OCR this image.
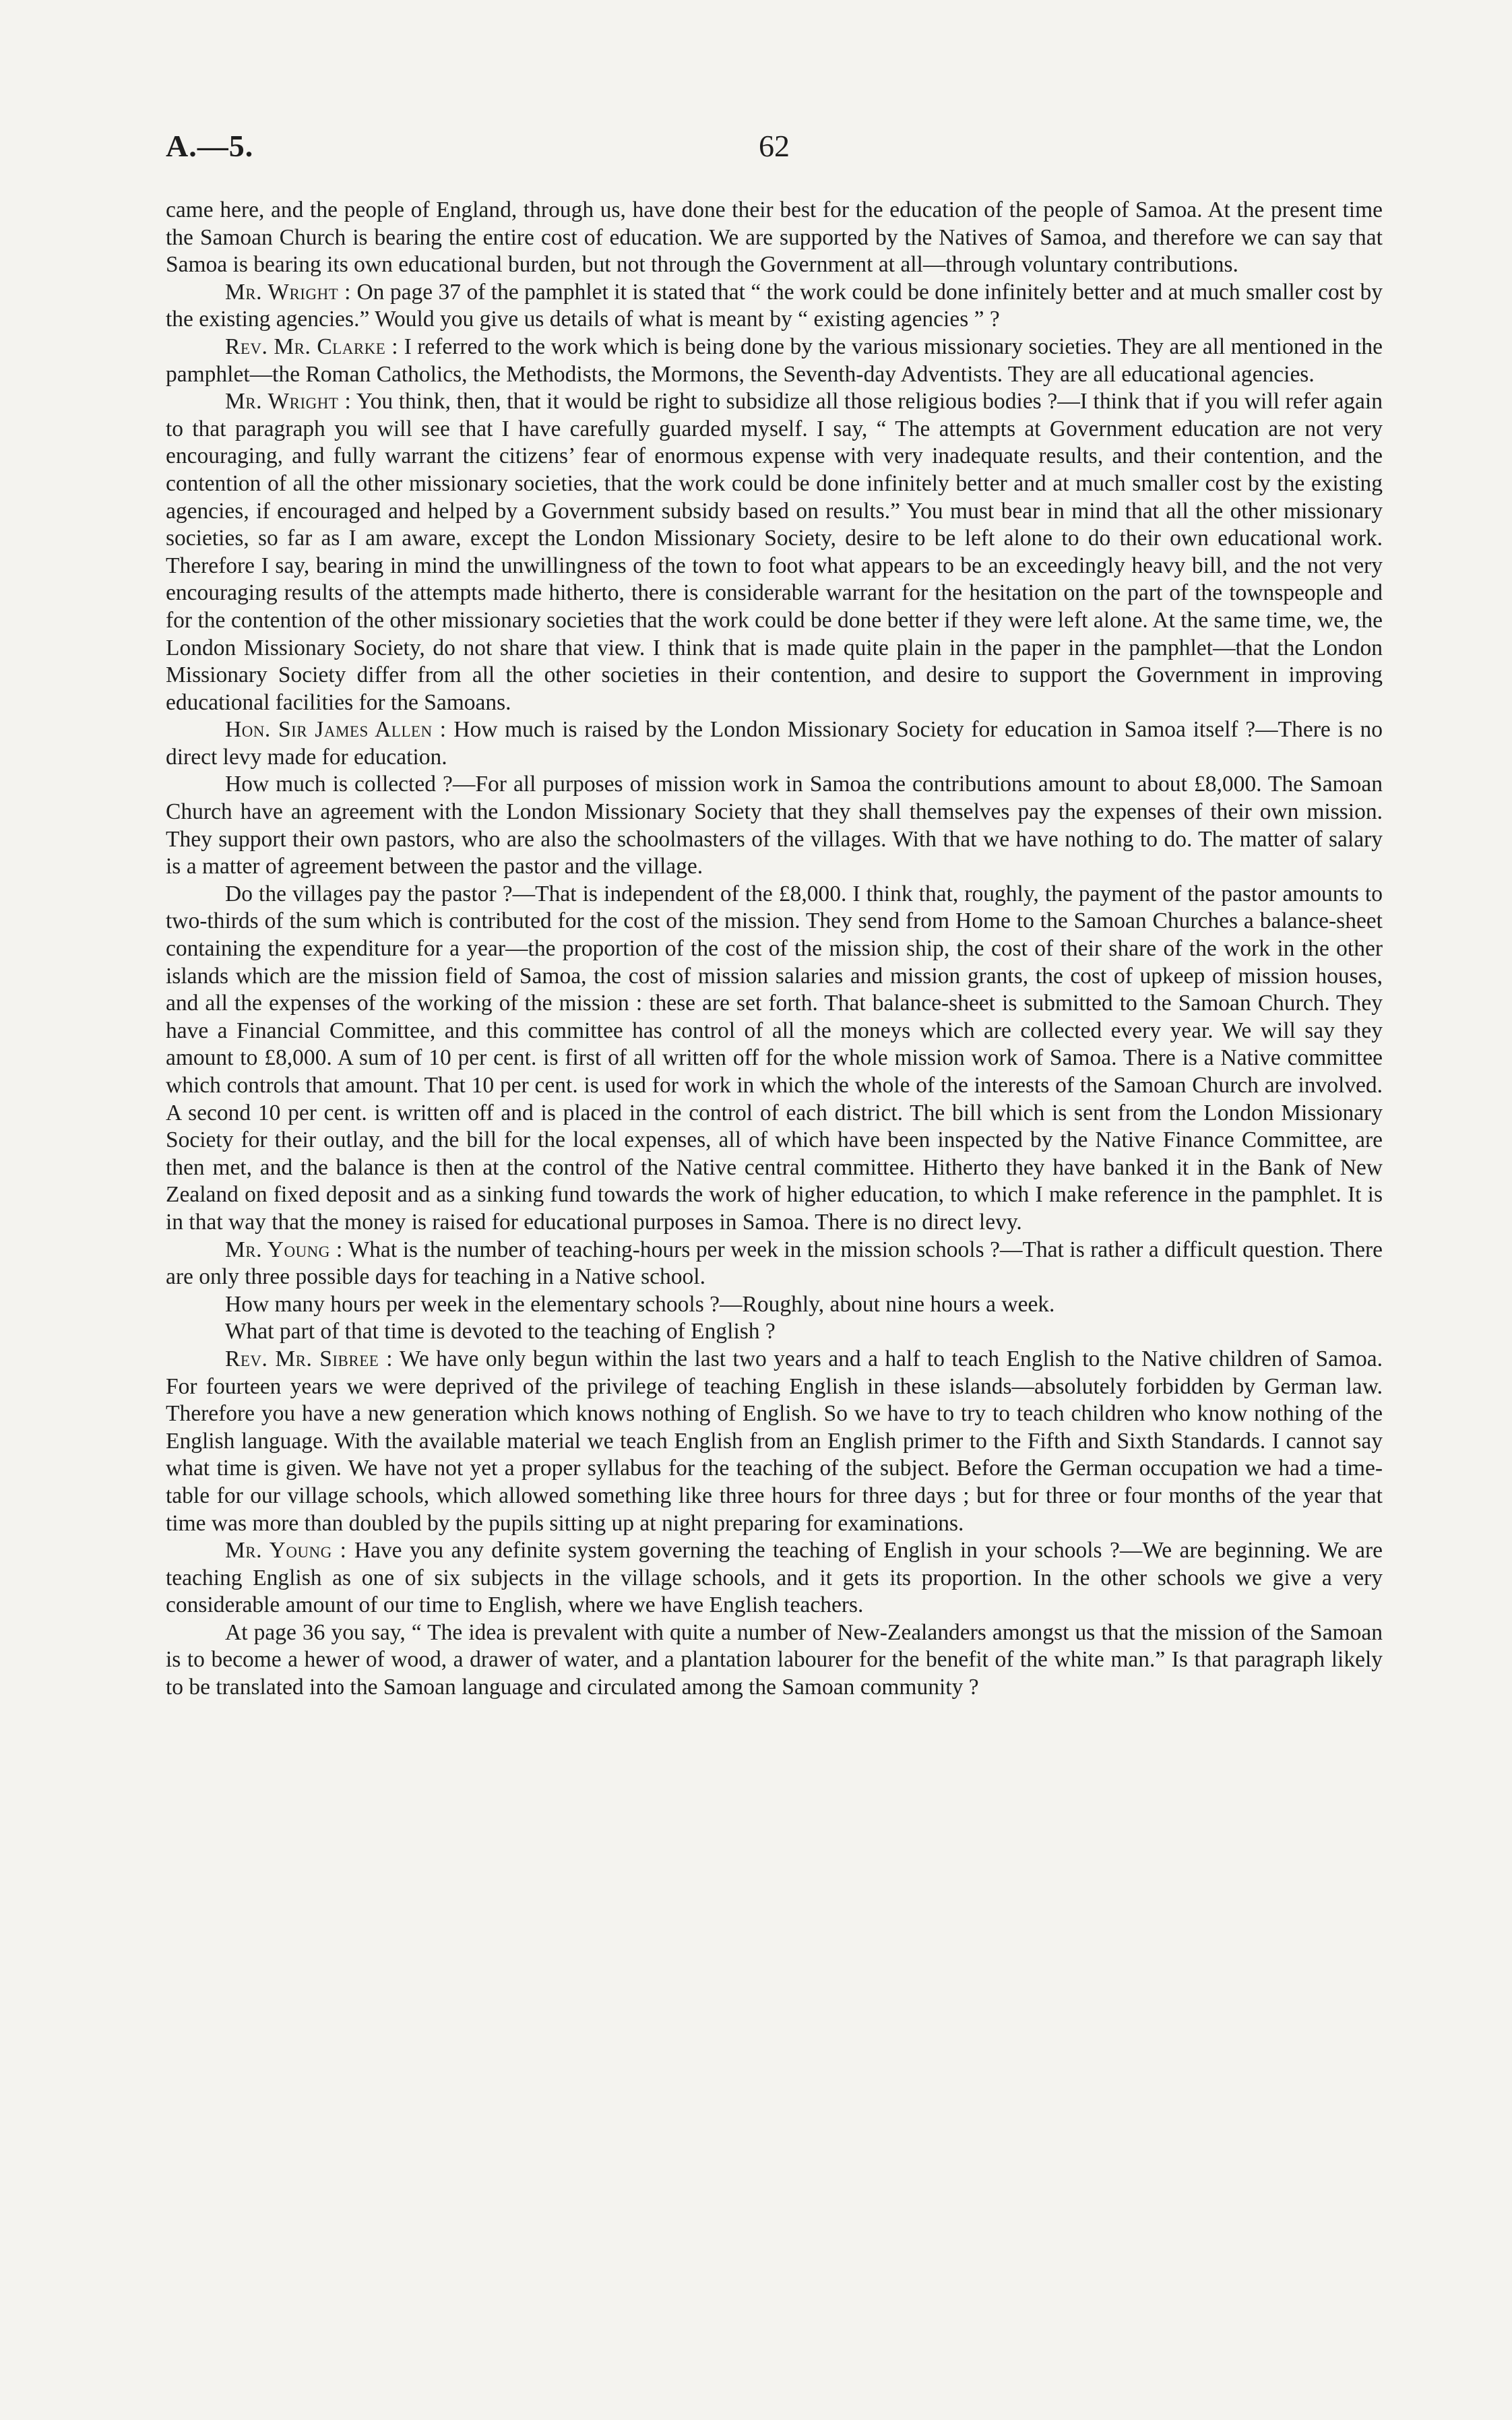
A.—5.	62

came here, and the people of England, through us, have done their best for the education of the people of Samoa. At the present time the Samoan Church is bearing the entire cost of education. We are supported by the Natives of Samoa, and therefore we can say that Samoa is bearing its own educational burden, but not through the Government at all—through voluntary contributions.

Mr. Wright : On page 37 of the pamphlet it is stated that “ the work could be done infinitely better and at much smaller cost by the existing agencies.” Would you give us details of what is meant by “ existing agencies ” ?

Rev. Mr. Clarke : I referred to the work which is being done by the various missionary societies. They are all mentioned in the pamphlet—the Roman Catholics, the Methodists, the Mormons, the Seventh-day Adventists. They are all educational agencies.

Mr. Wright : You think, then, that it would be right to subsidize all those religious bodies ?—I think that if you will refer again to that paragraph you will see that I have carefully guarded myself. I say, “ The attempts at Government education are not very encouraging, and fully warrant the citizens’ fear of enormous expense with very inadequate results, and their contention, and the contention of all the other missionary societies, that the work could be done infinitely better and at much smaller cost by the existing agencies, if encouraged and helped by a Government subsidy based on results.” You must bear in mind that all the other missionary societies, so far as I am aware, except the London Missionary Society, desire to be left alone to do their own educational work. Therefore I say, bearing in mind the unwillingness of the town to foot what appears to be an exceedingly heavy bill, and the not very encouraging results of the attempts made hitherto, there is considerable warrant for the hesitation on the part of the townspeople and for the contention of the other missionary societies that the work could be done better if they were left alone. At the same time, we, the London Missionary Society, do not share that view. I think that is made quite plain in the paper in the pamphlet—that the London Missionary Society differ from all the other societies in their contention, and desire to support the Government in improving educational facilities for the Samoans.

Hon. Sir James Allen : How much is raised by the London Missionary Society for education in Samoa itself ?—There is no direct levy made for education.

How much is collected ?—For all purposes of mission work in Samoa the contributions amount to about £8,000. The Samoan Church have an agreement with the London Missionary Society that they shall themselves pay the expenses of their own mission. They support their own pastors, who are also the schoolmasters of the villages. With that we have nothing to do. The matter of salary is a matter of agreement between the pastor and the village.

Do the villages pay the pastor ?—That is independent of the £8,000. I think that, roughly, the payment of the pastor amounts to two-thirds of the sum which is contributed for the cost of the mission. They send from Home to the Samoan Churches a balance-sheet containing the expenditure for a year—the proportion of the cost of the mission ship, the cost of their share of the work in the other islands which are the mission field of Samoa, the cost of mission salaries and mission grants, the cost of upkeep of mission houses, and all the expenses of the working of the mission : these are set forth. That balance-sheet is submitted to the Samoan Church. They have a Financial Committee, and this committee has control of all the moneys which are collected every year. We will say they amount to £8,000. A sum of 10 per cent. is first of all written off for the whole mission work of Samoa. There is a Native committee which controls that amount. That 10 per cent. is used for work in which the whole of the interests of the Samoan Church are involved. A second 10 per cent. is written off and is placed in the control of each district. The bill which is sent from the London Missionary Society for their outlay, and the bill for the local expenses, all of which have been inspected by the Native Finance Committee, are then met, and the balance is then at the control of the Native central committee. Hitherto they have banked it in the Bank of New Zealand on fixed deposit and as a sinking fund towards the work of higher education, to which I make reference in the pamphlet. It is in that way that the money is raised for educational purposes in Samoa. There is no direct levy.

Mr. Young : What is the number of teaching-hours per week in the mission schools ?—That is rather a difficult question. There are only three possible days for teaching in a Native school.

How many hours per week in the elementary schools ?—Roughly, about nine hours a week.

What part of that time is devoted to the teaching of English ?

Rev. Mr. Sibree : We have only begun within the last two years and a half to teach English to the Native children of Samoa. For fourteen years we were deprived of the privilege of teaching English in these islands—absolutely forbidden by German law. Therefore you have a new generation which knows nothing of English. So we have to try to teach children who know nothing of the English language. With the available material we teach English from an English primer to the Fifth and Sixth Standards. I cannot say what time is given. We have not yet a proper syllabus for the teaching of the subject. Before the German occupation we had a time-table for our village schools, which allowed something like three hours for three days ; but for three or four months of the year that time was more than doubled by the pupils sitting up at night preparing for examinations.

Mr. Young : Have you any definite system governing the teaching of English in your schools ?—We are beginning. We are teaching English as one of six subjects in the village schools, and it gets its proportion. In the other schools we give a very considerable amount of our time to English, where we have English teachers.

At page 36 you say, “ The idea is prevalent with quite a number of New-Zealanders amongst us that the mission of the Samoan is to become a hewer of wood, a drawer of water, and a plantation labourer for the benefit of the white man.” Is that paragraph likely to be translated into the Samoan language and circulated among the Samoan community ?
